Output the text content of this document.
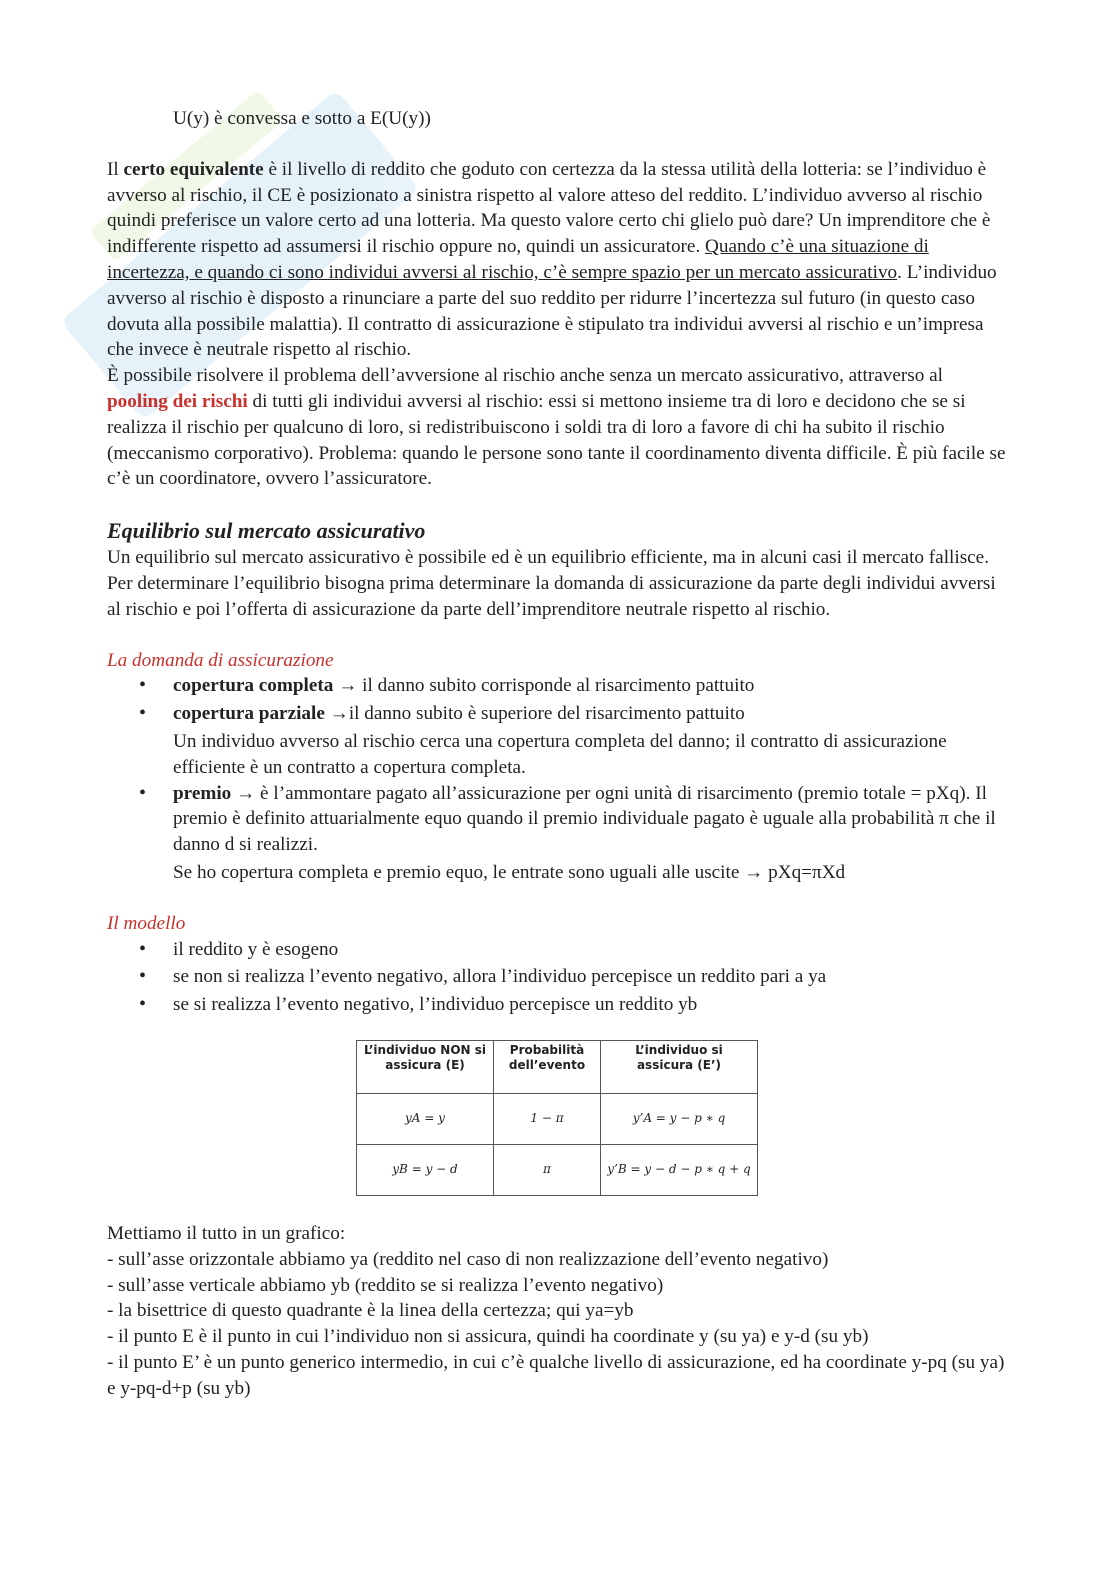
U(y) è convessa e sotto a E(U(y))

Il certo equivalente è il livello di reddito che goduto con certezza da la stessa utilità della lotteria: se l’individuo è avverso al rischio, il CE è posizionato a sinistra rispetto al valore atteso del reddito. L’individuo avverso al rischio quindi preferisce un valore certo ad una lotteria. Ma questo valore certo chi glielo può dare? Un imprenditore che è indifferente rispetto ad assumersi il rischio oppure no, quindi un assicuratore. Quando c’è una situazione di incertezza, e quando ci sono individui avversi al rischio, c’è sempre spazio per un mercato assicurativo. L’individuo avverso al rischio è disposto a rinunciare a parte del suo reddito per ridurre l’incertezza sul futuro (in questo caso dovuta alla possibile malattia). Il contratto di assicurazione è stipulato tra individui avversi al rischio e un’impresa che invece è neutrale rispetto al rischio.

È possibile risolvere il problema dell’avversione al rischio anche senza un mercato assicurativo, attraverso al pooling dei rischi di tutti gli individui avversi al rischio: essi si mettono insieme tra di loro e decidono che se si realizza il rischio per qualcuno di loro, si redistribuiscono i soldi tra di loro a favore di chi ha subito il rischio (meccanismo corporativo). Problema: quando le persone sono tante il coordinamento diventa difficile. È più facile se c’è un coordinatore, ovvero l’assicuratore.

Equilibrio sul mercato assicurativo

Un equilibrio sul mercato assicurativo è possibile ed è un equilibrio efficiente, ma in alcuni casi il mercato fallisce. Per determinare l’equilibrio bisogna prima determinare la domanda di assicurazione da parte degli individui avversi al rischio e poi l’offerta di assicurazione da parte dell’imprenditore neutrale rispetto al rischio.

La domanda di assicurazione

• copertura completa → il danno subito corrisponde al risarcimento pattuito
• copertura parziale →il danno subito è superiore del risarcimento pattuito

Un individuo avverso al rischio cerca una copertura completa del danno; il contratto di assicurazione efficiente è un contratto a copertura completa.

• premio → è l’ammontare pagato all’assicurazione per ogni unità di risarcimento (premio totale = pXq). Il premio è definito attuarialmente equo quando il premio individuale pagato è uguale alla probabilità π che il danno d si realizzi.

Se ho copertura completa e premio equo, le entrate sono uguali alle uscite → pXq=πXd

Il modello

• il reddito y è esogeno
• se non si realizza l’evento negativo, allora l’individuo percepisce un reddito pari a ya
• se si realizza l’evento negativo, l’individuo percepisce un reddito yb
L’individuo NON si assicura (E)	Probabilità dell’evento	L’individuo si assicura (E’)
yA = y	1 − π	y’A = y − p ∗ q
yB = y − d	π	y’B = y − d − p ∗ q + q

Mettiamo il tutto in un grafico:

- sull’asse orizzontale abbiamo ya (reddito nel caso di non realizzazione dell’evento negativo)

- sull’asse verticale abbiamo yb (reddito se si realizza l’evento negativo)

- la bisettrice di questo quadrante è la linea della certezza; qui ya=yb

- il punto E è il punto in cui l’individuo non si assicura, quindi ha coordinate y (su ya) e y-d (su yb)

- il punto E’ è un punto generico intermedio, in cui c’è qualche livello di assicurazione, ed ha coordinate y-pq (su ya) e y-pq-d+p (su yb)
